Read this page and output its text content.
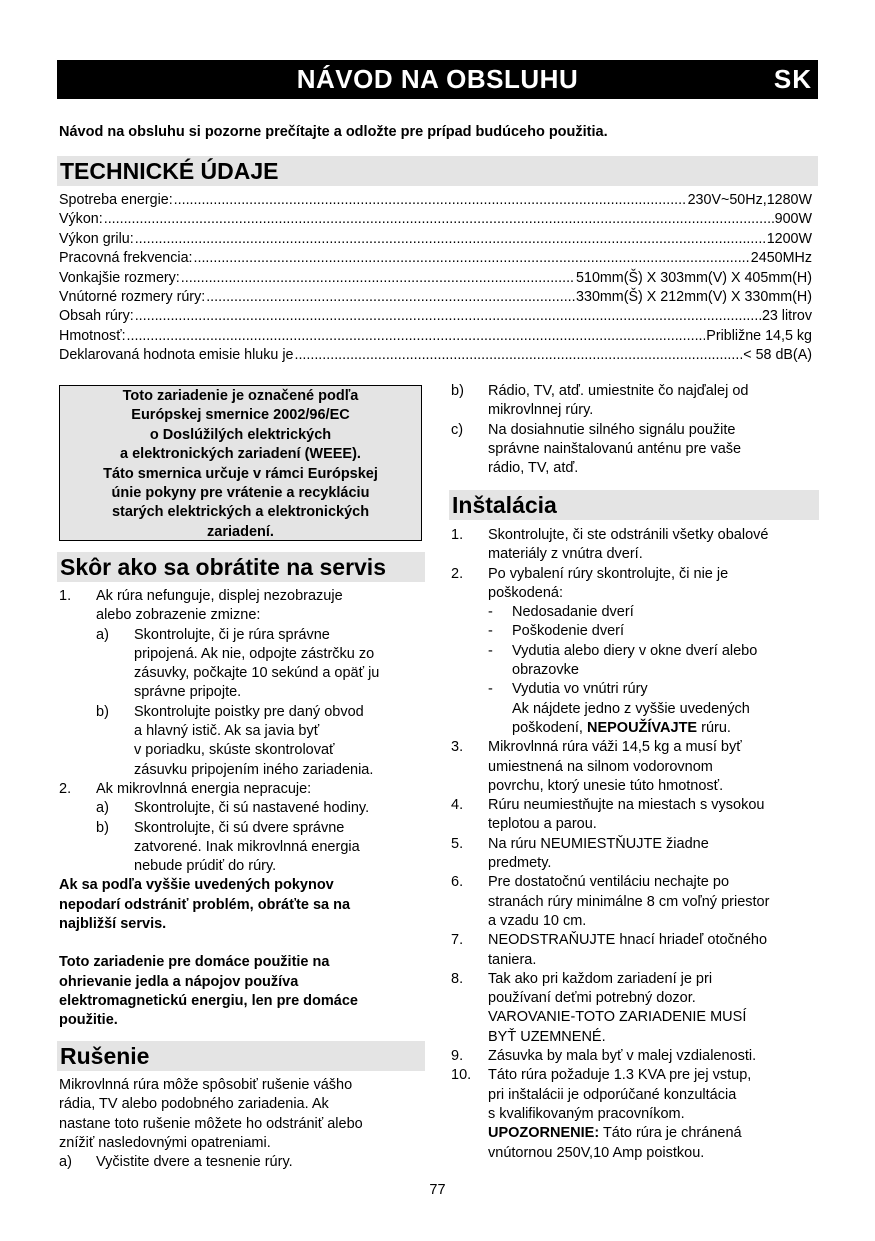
NÁVOD NA OBSLUHU	SK
Návod na obsluhu si pozorne prečítajte a odložte pre prípad budúceho použitia.
TECHNICKÉ ÚDAJE
Spotreba energie: .....	230V~50Hz,1280W
Výkon: .....	900W
Výkon grilu: .....	1200W
Pracovná frekvencia: .....	2450MHz
Vonkajšie rozmery: .....	510mm(Š) X 303mm(V) X 405mm(H)
Vnútorné rozmery rúry: .....	330mm(Š) X 212mm(V) X 330mm(H)
Obsah rúry: .....	23 litrov
Hmotnosť: .....	Približne 14,5 kg
Deklarovaná hodnota emisie hluku je .....	< 58 dB(A)
Toto zariadenie je označené podľa
Európskej smernice 2002/96/EC
o Doslúžilých elektrických
a elektronických zariadení (WEEE).
Táto smernica určuje v rámci Európskej
únie pokyny pre vrátenie a recykláciu
starých elektrických a elektronických
zariadení.
Skôr ako sa obrátite na servis
1.	Ak rúra nefunguje, displej nezobrazuje
alebo zobrazenie zmizne:
a)	Skontrolujte, či je rúra správne
pripojená. Ak nie, odpojte zástrčku zo
zásuvky, počkajte 10 sekúnd a opäť ju
správne pripojte.
b)	Skontrolujte poistky pre daný obvod
a hlavný istič. Ak sa javia byť
v poriadku, skúste skontrolovať
zásuvku pripojením iného zariadenia.
2.	Ak mikrovlnná energia nepracuje:
a)	Skontrolujte, či sú nastavené hodiny.
b)	Skontrolujte, či sú dvere správne
zatvorené. Inak mikrovlnná energia
nebude prúdiť do rúry.
Ak sa podľa vyššie uvedených pokynov
nepodarí odstrániť problém, obráťte sa na
najbližší servis.
Toto zariadenie pre domáce použitie na
ohrievanie jedla a nápojov používa
elektromagnetickú energiu, len pre domáce
použitie.
Rušenie
Mikrovlnná rúra môže spôsobiť rušenie vášho
rádia, TV alebo podobného zariadenia. Ak
nastane toto rušenie môžete ho odstrániť alebo
znížiť nasledovnými opatreniami.
a)	Vyčistite dvere a tesnenie rúry.
b)	Rádio, TV, atď. umiestnite čo najďalej od
mikrovlnnej rúry.
c)	Na dosiahnutie silného signálu použite
správne nainštalovanú anténu pre vaše
rádio, TV, atď.
Inštalácia
1.	Skontrolujte, či ste odstránili všetky obalové
materiály z vnútra dverí.
2.	Po vybalení rúry skontrolujte, či nie je
poškodená:
-	Nedosadanie dverí
-	Poškodenie dverí
-	Vydutia alebo diery v okne dverí alebo
obrazovke
-	Vydutia vo vnútri rúry
Ak nájdete jedno z vyššie uvedených
poškodení, NEPOUŽÍVAJTE rúru.
3.	Mikrovlnná rúra váži 14,5 kg a musí byť
umiestnená na silnom vodorovnom
povrchu, ktorý unesie túto hmotnosť.
4.	Rúru neumiestňujte na miestach s vysokou
teplotou a parou.
5.	Na rúru NEUMIESTŇUJTE žiadne
predmety.
6.	Pre dostatočnú ventiláciu nechajte po
stranách rúry minimálne 8 cm voľný priestor
a vzadu 10 cm.
7.	NEODSTRAŇUJTE hnací hriadeľ otočného
taniera.
8.	Tak ako pri každom zariadení je pri
používaní deťmi potrebný dozor.
VAROVANIE-TOTO ZARIADENIE MUSÍ
BYŤ UZEMNENÉ.
9.	Zásuvka by mala byť v malej vzdialenosti.
10.	Táto rúra požaduje 1.3 KVA pre jej vstup,
pri inštalácii je odporúčané konzultácia
s kvalifikovaným pracovníkom.
UPOZORNENIE: Táto rúra je chránená
vnútornou 250V,10 Amp poistkou.
77
